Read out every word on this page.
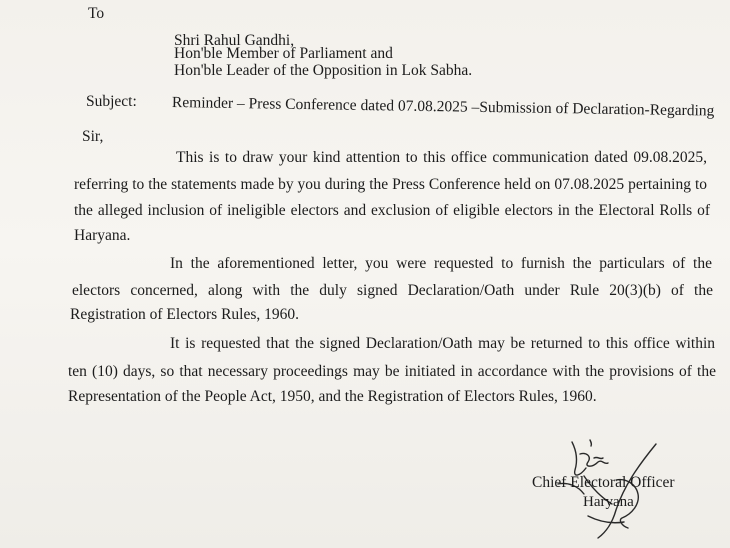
To
Shri Rahul Gandhi,
Hon'ble Member of Parliament and
Hon'ble Leader of the Opposition in Lok Sabha.
Subject: Reminder – Press Conference dated 07.08.2025 –Submission of Declaration-Regarding
Sir,
This is to draw your kind attention to this office communication dated 09.08.2025,
referring to the statements made by you during the Press Conference held on 07.08.2025 pertaining to
the alleged inclusion of ineligible electors and exclusion of eligible electors in the Electoral Rolls of
Haryana.
In the aforementioned letter, you were requested to furnish the particulars of the
electors concerned, along with the duly signed Declaration/Oath under Rule 20(3)(b) of the
Registration of Electors Rules, 1960.
It is requested that the signed Declaration/Oath may be returned to this office within
ten (10) days, so that necessary proceedings may be initiated in accordance with the provisions of the
Representation of the People Act, 1950, and the Registration of Electors Rules, 1960.
Chief Electoral Officer
Haryana
